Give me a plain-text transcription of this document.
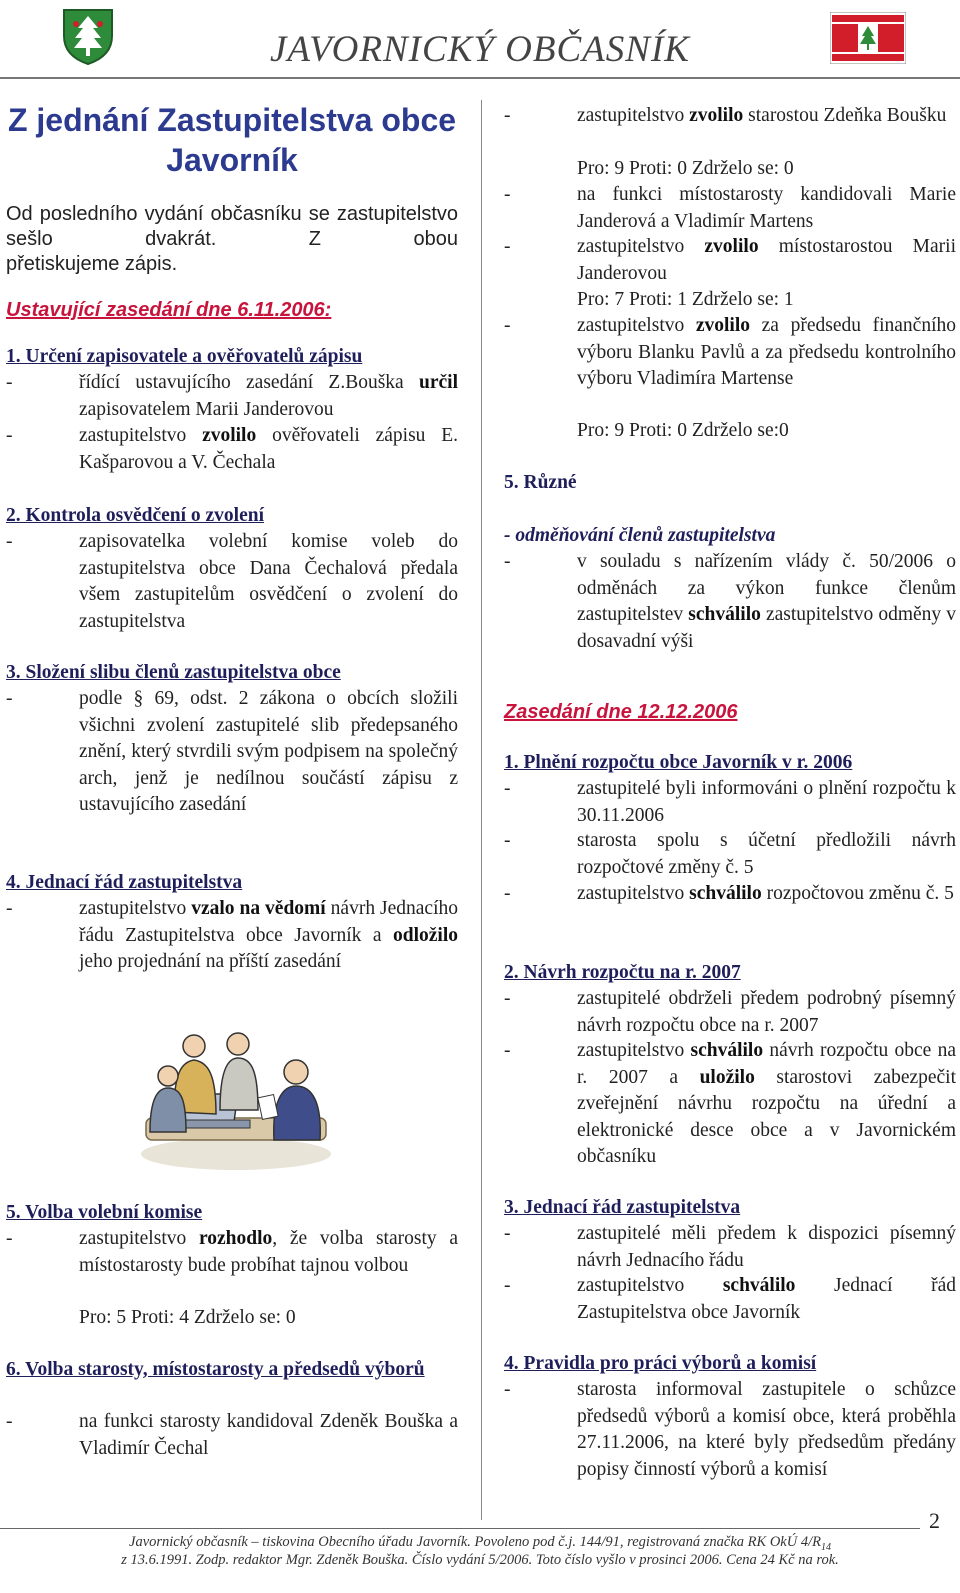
JAVORNICKÝ OBČASNÍK
Z jednání Zastupitelstva obce Javorník
Od posledního vydání občasníku se zastupitelstvo sešlo dvakrát. Z obou
přetiskujeme zápis.
Ustavující zasedání dne 6.11.2006:
1. Určení zapisovatele a ověřovatelů zápisu
-	řídící ustavujícího zasedání Z.Bouška určil zapisovatelem Marii Janderovou
-	zastupitelstvo zvolilo ověřovateli zápisu E. Kašparovou a V. Čechala
2. Kontrola osvědčení o zvolení
-	zapisovatelka volební komise voleb do zastupitelstva obce Dana Čechalová předala všem zastupitelům osvědčení o zvolení do zastupitelstva
3. Složení slibu členů zastupitelstva obce
-	podle § 69, odst. 2 zákona o obcích složili všichni zvolení zastupitelé slib předepsaného znění, který stvrdili svým podpisem na společný arch, jenž je nedílnou součástí zápisu z ustavujícího zasedání
4. Jednací řád zastupitelstva
-	zastupitelstvo vzalo na vědomí návrh Jednacího řádu Zastupitelstva obce Javorník a odložilo jeho projednání na příští zasedání
5. Volba volební komise
-	zastupitelstvo rozhodlo, že volba starosty a místostarosty bude probíhat tajnou volbou
Pro: 5 Proti: 4 Zdrželo se: 0
6. Volba starosty, místostarosty a předsedů výborů
-	na funkci starosty kandidoval Zdeněk Bouška a Vladimír Čechal
-	zastupitelstvo zvolilo starostou Zdeňka Boušku
Pro: 9 Proti: 0 Zdrželo se: 0
-	na funkci místostarosty kandidovali Marie Janderová a Vladimír Martens
-	zastupitelstvo zvolilo místostarostou Marii Janderovou
Pro: 7 Proti: 1 Zdrželo se: 1
-	zastupitelstvo zvolilo za předsedu finančního výboru Blanku Pavlů a za předsedu kontrolního výboru Vladimíra Martense
Pro: 9 Proti: 0 Zdrželo se:0
5. Různé
- odměňování členů zastupitelstva
-	v souladu s nařízením vlády č. 50/2006 o odměnách za výkon funkce členům zastupitelstev schválilo zastupitelstvo odměny v dosavadní výši
Zasedání dne 12.12.2006
1. Plnění rozpočtu obce Javorník v r. 2006
-	zastupitelé byli informováni o plnění rozpočtu k 30.11.2006
-	starosta spolu s účetní předložili návrh rozpočtové změny č. 5
-	zastupitelstvo schválilo rozpočtovou změnu č. 5
2. Návrh rozpočtu na r. 2007
-	zastupitelé obdrželi předem podrobný písemný návrh rozpočtu obce na r. 2007
-	zastupitelstvo schválilo návrh rozpočtu obce na r. 2007 a uložilo starostovi zabezpečit zveřejnění návrhu rozpočtu na úřední a elektronické desce obce a v Javornickém občasníku
3. Jednací řád zastupitelstva
-	zastupitelé měli předem k dispozici písemný návrh Jednacího řádu
-	zastupitelstvo schválilo Jednací řád Zastupitelstva obce Javorník
4. Pravidla pro práci výborů a komisí
-	starosta informoval zastupitele o schůzce předsedů výborů a komisí obce, která proběhla 27.11.2006, na které byly předsedům předány popisy činností výborů a komisí
2
Javornický občasník – tiskovina Obecního úřadu Javorník. Povoleno pod č.j. 144/91, registrovaná značka RK OkÚ $4/R_{14}$
z 13.6.1991. Zodp. redaktor Mgr. Zdeněk Bouška. Číslo vydání 5/2006. Toto číslo vyšlo v prosinci 2006. Cena 24 Kč na rok.
